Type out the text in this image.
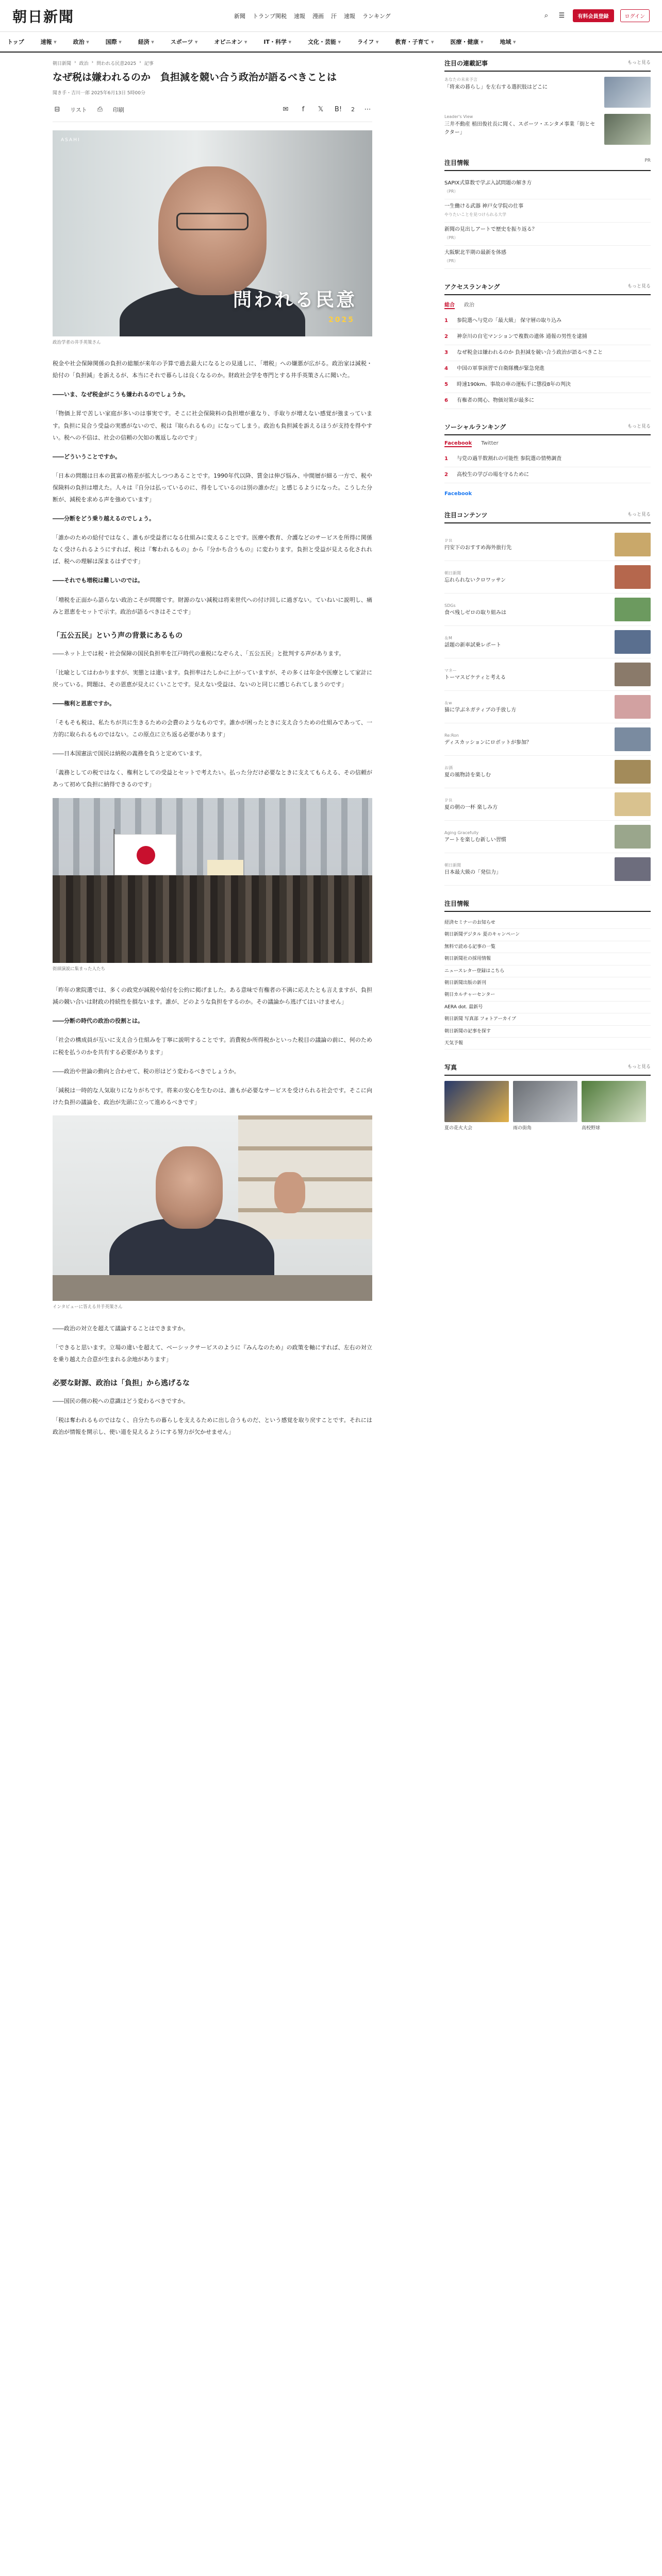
朝日新聞	新聞 トランプ関税 速報 漫画 汗 速報 ランキング	⌕	☰	有料会員登録	ログイン
トップ	速報 ▾	政治 ▾	国際 ▾	経済 ▾	スポーツ ▾	オピニオン ▾	IT・科学 ▾	文化・芸能 ▾	ライフ ▾	教育・子育て ▾	医療・健康 ▾	地域 ▾
朝日新聞 › 政治 › 問われる民意2025 › 記事
なぜ税は嫌われるのか　負担減を競い合う政治が語るべきことは
聞き手・吉川一郎 2025年6月13日 5時00分
⊟	リスト ⎙	印刷	✉	f	𝕏 B! 2 ⋯
ASAHI
問われる民意
2025
政治学者の井手英策さん

税金や社会保障関係の負担の総額が来年の予算で過去最大になるとの見通しに、「増税」への嫌悪が広がる。政治家は減税・給付の「負担減」を訴えるが、本当にそれで暮らしは良くなるのか。財政社会学を専門とする井手英策さんに聞いた。

――いま、なぜ税金がこうも嫌われるのでしょうか。

「物価上昇で苦しい家庭が多いのは事実です。そこに社会保険料の負担増が重なり、手取りが増えない感覚が強まっています。負担に見合う受益の実感がないので、税は『取られるもの』になってしまう。政治も負担減を訴えるほうが支持を得やすい。税への不信は、社会の信頼の欠如の裏返しなのです」

――どういうことですか。

「日本の問題は日本の貧富の格差が拡大しつつあることです。1990年代以降、賃金は伸び悩み、中間層が細る一方で、税や保険料の負担は増えた。人々は『自分は払っているのに、得をしているのは別の誰かだ』と感じるようになった。こうした分断が、減税を求める声を強めています」

――分断をどう乗り越えるのでしょう。

「誰かのための給付ではなく、誰もが受益者になる仕組みに変えることです。医療や教育、介護などのサービスを所得に関係なく受けられるようにすれば、税は『奪われるもの』から『分かち合うもの』に変わります。負担と受益が見える化されれば、税への理解は深まるはずです」

――それでも増税は難しいのでは。

「増税を正面から語らない政治こそが問題です。財源のない減税は将来世代への付け回しに過ぎない。ていねいに説明し、痛みと恩恵をセットで示す。政治が語るべきはそこです」

「五公五民」という声の背景にあるもの

――ネット上では税・社会保障の国民負担率を江戸時代の重税になぞらえ、「五公五民」と批判する声があります。

「比喩としてはわかりますが、実態とは違います。負担率はたしかに上がっていますが、その多くは年金や医療として家計に戻っている。問題は、その恩恵が見えにくいことです。見えない受益は、ないのと同じに感じられてしまうのです」

――権利と恩恵ですか。

「そもそも税は、私たちが共に生きるための会費のようなものです。誰かが困ったときに支え合うための仕組みであって、一方的に取られるものではない。この原点に立ち返る必要があります」

――日本国憲法で国民は納税の義務を負うと定めています。

「義務としての税ではなく、権利としての受益とセットで考えたい。払った分だけ必要なときに支えてもらえる、その信頼があって初めて負担に納得できるのです」

街頭演説に集まった人たち

「昨年の衆院選では、多くの政党が減税や給付を公約に掲げました。ある意味で有権者の不満に応えたとも言えますが、負担減の競い合いは財政の持続性を損ないます。誰が、どのような負担をするのか。その議論から逃げてはいけません」

――分断の時代の政治の役割とは。

「社会の構成員が互いに支え合う仕組みを丁寧に説明することです。消費税か所得税かといった税目の議論の前に、何のために税を払うのかを共有する必要があります」

――政治や世論の動向と合わせて、税の形はどう変わるべきでしょうか。

「減税は一時的な人気取りになりがちです。将来の安心を生むのは、誰もが必要なサービスを受けられる社会です。そこに向けた負担の議論を、政治が先頭に立って進めるべきです」

インタビューに答える井手英策さん

――政治の対立を超えて議論することはできますか。

「できると思います。立場の違いを超えて、ベーシックサービスのように『みんなのため』の政策を軸にすれば、左右の対立を乗り越えた合意が生まれる余地があります」

必要な財源、政治は「負担」から逃げるな

――国民の側の税への意識はどう変わるべきですか。

「税は奪われるものではなく、自分たちの暮らしを支えるために出し合うものだ、という感覚を取り戻すことです。それには政治が情報を開示し、使い道を見えるようにする努力が欠かせません」

注目の連載記事	もっと見る
あなたの未来予言
「将来の暮らし」を左右する選択肢はどこに
Leader's View
三井不動産 植田俊社長に聞く、スポーツ・エンタメ事業「街とセクター」
注目情報	PR
SAPIX式算数で学ぶ入試問題の解き方
（PR）
一生働ける武器 神戸女学院の仕事
やりたいことを見つけられる大学
新聞の見出しアートで歴史を振り返る？
（PR）
大阪駅北半期の最新を体感
（PR）
アクセスランキング	もっと見る
総合 政治
1	参院選へ与党の「最大級」 保守層の取り込み
2	神奈川の自宅マンションで複数の遺体 通報の男性を逮捕
3	なぜ税金は嫌われるのか 負担減を競い合う政治が語るべきこと
4	中国の軍事演習で自衛隊機が緊急発進
5	時速190km、事故の車の運転手に懲役8年の判決
6	有権者の関心、物価対策が最多に
ソーシャルランキング	もっと見る
Facebook Twitter
1	与党の過半数割れの可能性 参院選の情勢調査
2	高校生の学びの場を守るために
Facebook
注目コンテンツ	もっと見る
ＰＲ
円安下のおすすめ海外旅行先
朝日新聞
忘れられないクロワッサン
SDGs
食べ残しゼロの取り組みは
＆M
話題の新車試乗レポート
マネー
トーマスピケティと考える
＆w
猫に学ぶネガティブの手放し方
Re:Ron
ディスカッションにロボットが参加？
お酒
夏の風物詩を楽しむ
ＰＲ
夏の朝の一杯 楽しみ方
Aging Gracefully
アートを楽しむ新しい習慣
朝日新聞
日本最大級の「発信力」
注目情報
経済セミナーのお知らせ
朝日新聞デジタル 夏のキャンペーン
無料で読める記事の一覧
朝日新聞社の採用情報
ニュースレター登録はこちら
朝日新聞出版の新刊
朝日カルチャーセンター
AERA dot. 最新号
朝日新聞 写真部 フォトアーカイブ
朝日新聞の記事を探す
天気予報
写真	もっと見る
夏の花火大会	雨の街角	高校野球
